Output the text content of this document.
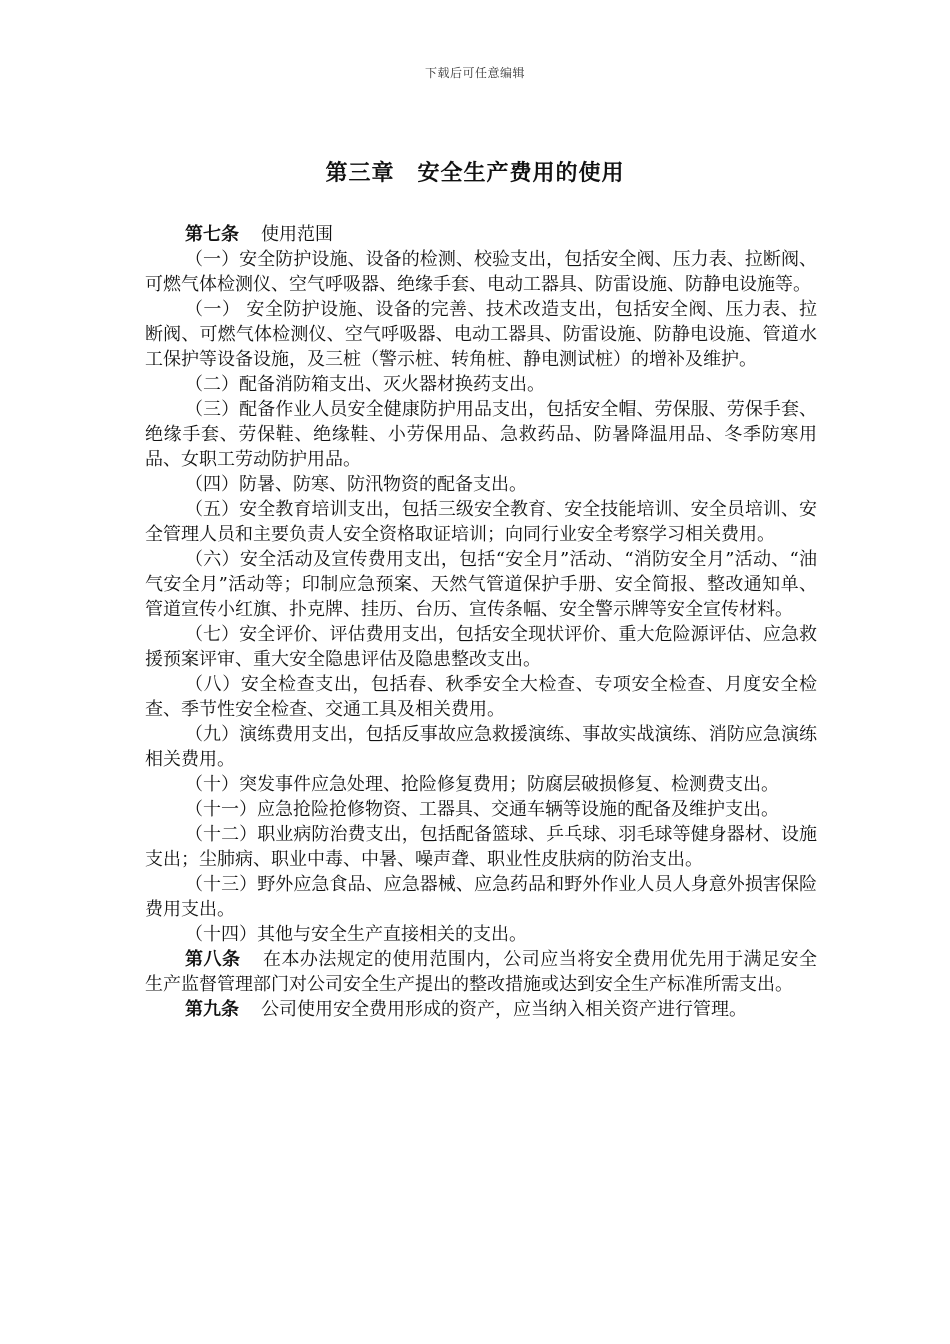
下载后可任意编辑
第三章　安全生产费用的使用

第七条 使用范围

（一）安全防护设施、设备的检测、校验支出，包括安全阀、压力表、拉断阀、可燃气体检测仪、空气呼吸器、绝缘手套、电动工器具、防雷设施、防静电设施等。

（一） 安全防护设施、设备的完善、技术改造支出，包括安全阀、压力表、拉断阀、可燃气体检测仪、空气呼吸器、电动工器具、防雷设施、防静电设施、管道水工保护等设备设施，及三桩（警示桩、转角桩、静电测试桩）的增补及维护。

（二）配备消防箱支出、灭火器材换药支出。

（三）配备作业人员安全健康防护用品支出，包括安全帽、劳保服、劳保手套、绝缘手套、劳保鞋、绝缘鞋、小劳保用品、急救药品、防暑降温用品、冬季防寒用品、女职工劳动防护用品。

（四）防暑、防寒、防汛物资的配备支出。

（五）安全教育培训支出，包括三级安全教育、安全技能培训、安全员培训、安全管理人员和主要负责人安全资格取证培训；向同行业安全考察学习相关费用。

（六）安全活动及宣传费用支出，包括“安全月”活动、“消防安全月”活动、“油气安全月”活动等；印制应急预案、天然气管道保护手册、安全简报、整改通知单、管道宣传小红旗、扑克牌、挂历、台历、宣传条幅、安全警示牌等安全宣传材料。

（七）安全评价、评估费用支出，包括安全现状评价、重大危险源评估、应急救援预案评审、重大安全隐患评估及隐患整改支出。

（八）安全检查支出，包括春、秋季安全大检查、专项安全检查、月度安全检查、季节性安全检查、交通工具及相关费用。

（九）演练费用支出，包括反事故应急救援演练、事故实战演练、消防应急演练相关费用。

（十）突发事件应急处理、抢险修复费用；防腐层破损修复、检测费支出。

（十一）应急抢险抢修物资、工器具、交通车辆等设施的配备及维护支出。

（十二）职业病防治费支出，包括配备篮球、乒乓球、羽毛球等健身器材、设施支出；尘肺病、职业中毒、中暑、噪声聋、职业性皮肤病的防治支出。

（十三）野外应急食品、应急器械、应急药品和野外作业人员人身意外损害保险费用支出。

（十四）其他与安全生产直接相关的支出。

第八条 在本办法规定的使用范围内，公司应当将安全费用优先用于满足安全生产监督管理部门对公司安全生产提出的整改措施或达到安全生产标准所需支出。

第九条 公司使用安全费用形成的资产，应当纳入相关资产进行管理。
